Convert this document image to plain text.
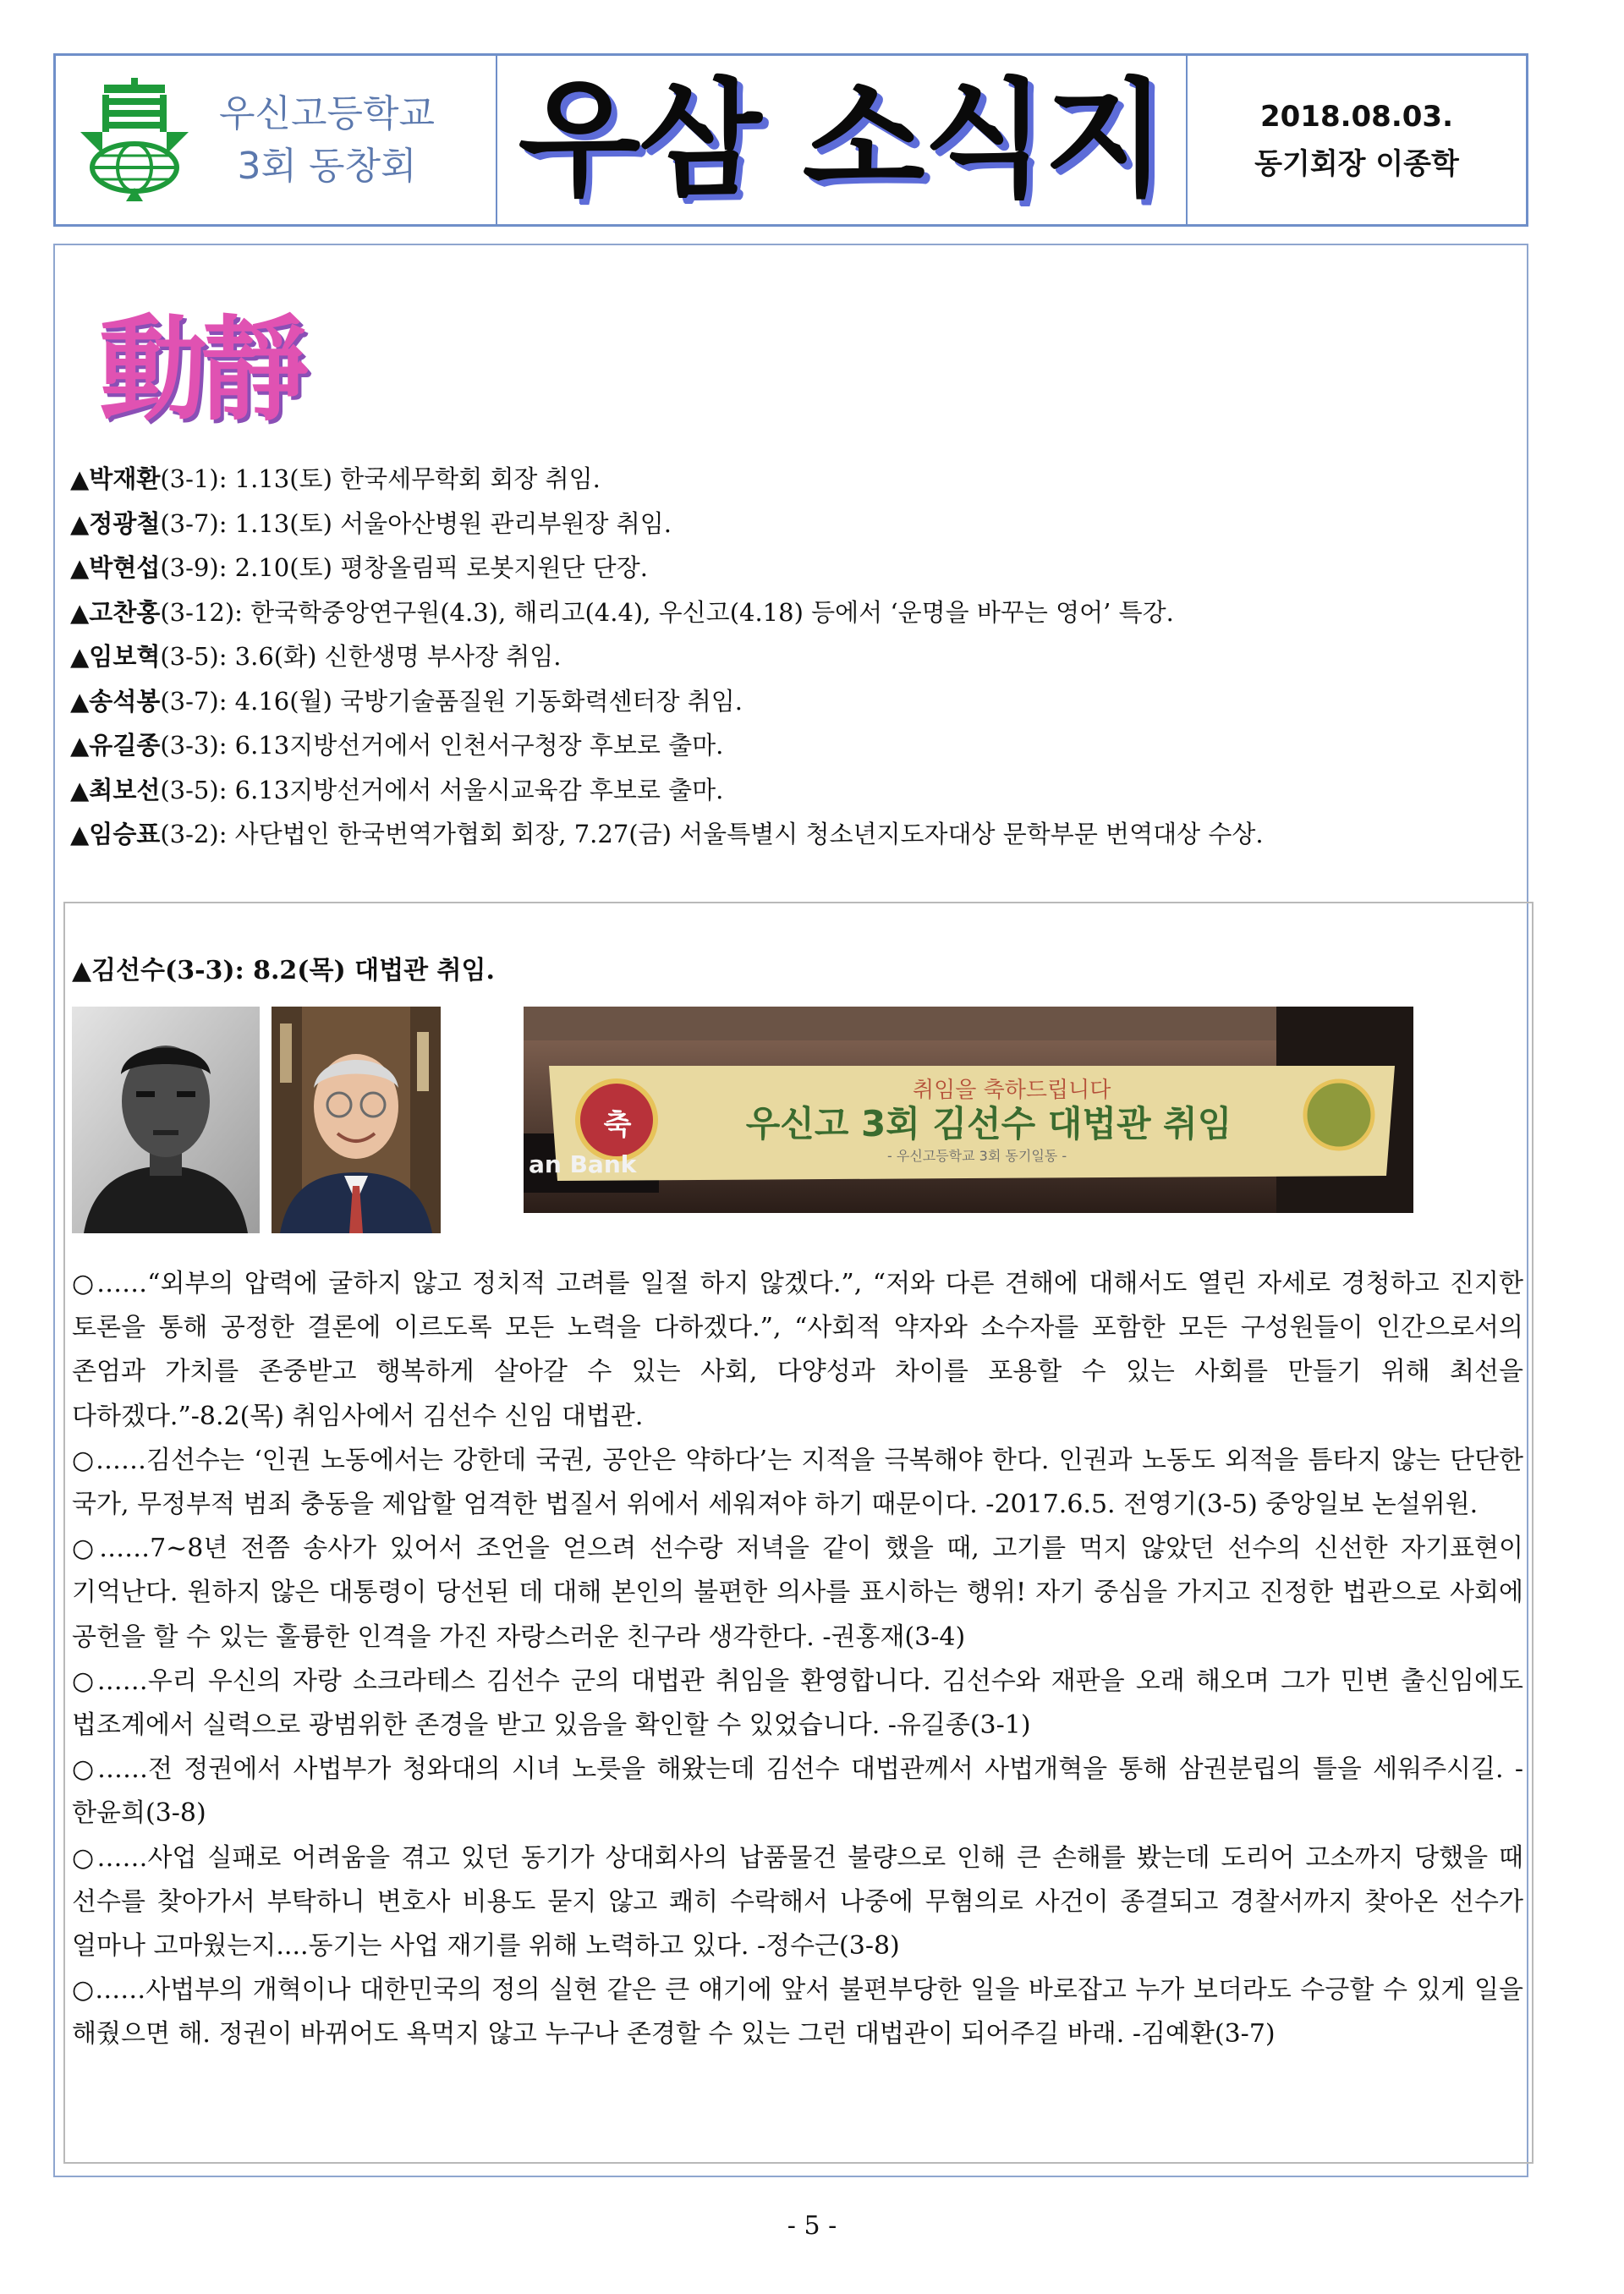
우신고등학교
3회 동창회 우삼 소식지	2018.08.03.
동기회장 이종학
動靜
▲박재환(3-1): 1.13(토) 한국세무학회 회장 취임.
▲정광철(3-7): 1.13(토) 서울아산병원 관리부원장 취임.
▲박현섭(3-9): 2.10(토) 평창올림픽 로봇지원단 단장.
▲고찬홍(3-12): 한국학중앙연구원(4.3), 해리고(4.4), 우신고(4.18) 등에서 ‘운명을 바꾸는 영어’ 특강.
▲임보혁(3-5): 3.6(화) 신한생명 부사장 취임.
▲송석봉(3-7): 4.16(월) 국방기술품질원 기동화력센터장 취임.
▲유길종(3-3): 6.13지방선거에서 인천서구청장 후보로 출마.
▲최보선(3-5): 6.13지방선거에서 서울시교육감 후보로 출마.
▲임승표(3-2): 사단법인 한국번역가협회 회장, 7.27(금) 서울특별시 청소년지도자대상 문학부문 번역대상 수상.
▲김선수(3-3): 8.2(목) 대법관 취임.
축
취임을 축하드립니다
우신고 3회 김선수 대법관 취임
- 우신고등학교 3회 동기일동 -
an Bank
○……“외부의 압력에 굴하지 않고 정치적 고려를 일절 하지 않겠다.”, “저와 다른 견해에 대해서도 열린 자세로 경청하고 진지한 토론을 통해 공정한 결론에 이르도록 모든 노력을 다하겠다.”, “사회적 약자와 소수자를 포함한 모든 구성원들이 인간으로서의 존엄과 가치를 존중받고 행복하게 살아갈 수 있는 사회, 다양성과 차이를 포용할 수 있는 사회를 만들기 위해 최선을 다하겠다.”-8.2(목) 취임사에서 김선수 신임 대법관.
○……김선수는 ‘인권 노동에서는 강한데 국권, 공안은 약하다’는 지적을 극복해야 한다. 인권과 노동도 외적을 틈타지 않는 단단한 국가, 무정부적 범죄 충동을 제압할 엄격한 법질서 위에서 세워져야 하기 때문이다. -2017.6.5. 전영기(3-5) 중앙일보 논설위원.
○……7~8년 전쯤 송사가 있어서 조언을 얻으려 선수랑 저녁을 같이 했을 때, 고기를 먹지 않았던 선수의 신선한 자기표현이 기억난다. 원하지 않은 대통령이 당선된 데 대해 본인의 불편한 의사를 표시하는 행위! 자기 중심을 가지고 진정한 법관으로 사회에 공헌을 할 수 있는 훌륭한 인격을 가진 자랑스러운 친구라 생각한다. -권홍재(3-4)
○……우리 우신의 자랑 소크라테스 김선수 군의 대법관 취임을 환영합니다. 김선수와 재판을 오래 해오며 그가 민변 출신임에도 법조계에서 실력으로 광범위한 존경을 받고 있음을 확인할 수 있었습니다. -유길종(3-1)
○……전 정권에서 사법부가 청와대의 시녀 노릇을 해왔는데 김선수 대법관께서 사법개혁을 통해 삼권분립의 틀을 세워주시길. -한윤희(3-8)
○……사업 실패로 어려움을 겪고 있던 동기가 상대회사의 납품물건 불량으로 인해 큰 손해를 봤는데 도리어 고소까지 당했을 때 선수를 찾아가서 부탁하니 변호사 비용도 묻지 않고 쾌히 수락해서 나중에 무혐의로 사건이 종결되고 경찰서까지 찾아온 선수가 얼마나 고마웠는지....동기는 사업 재기를 위해 노력하고 있다. -정수근(3-8)
○……사법부의 개혁이나 대한민국의 정의 실현 같은 큰 얘기에 앞서 불편부당한 일을 바로잡고 누가 보더라도 수긍할 수 있게 일을 해줬으면 해. 정권이 바뀌어도 욕먹지 않고 누구나 존경할 수 있는 그런 대법관이 되어주길 바래. -김예환(3-7)
- 5 -
